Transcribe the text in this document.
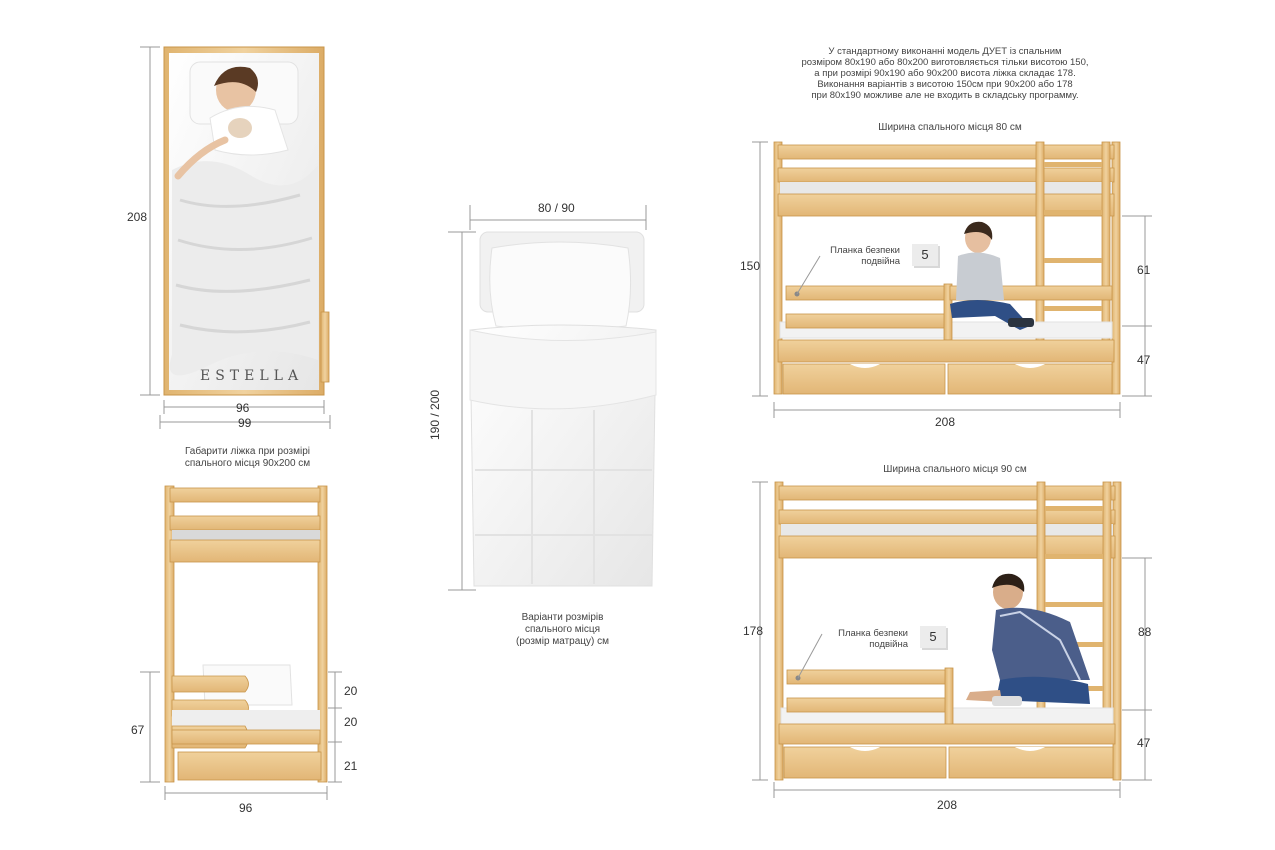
У стандартному виконанні модель ДУЕТ із спальним
розміром 80х190 або 80х200 виготовляється тільки висотою 150,
а при розмірі 90х190 або 90х200 висота ліжка складає 178.
Виконання варіантів з висотою 150см при 90х200 або 178
при 80х190 можливе але не входить в складську программу.
ESTELLA
208
96
99
Габарити ліжка при розмірі
спального місця 90х200 см
67
20
20
21
96
80 / 90
190 / 200
Варіанти розмірів
спального місця
(розмір матрацу) см
Ширина спального місця 80 см
150	61
47
208
Планка безпеки
подвійна	5
Ширина спального місця 90 см
178	88
47
208
Планка безпеки
подвійна
5
